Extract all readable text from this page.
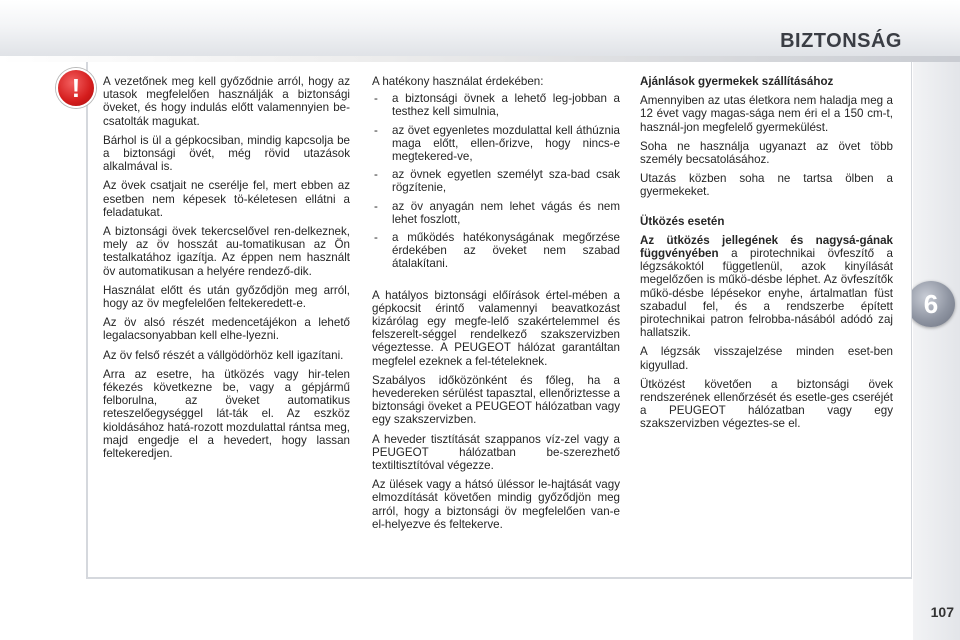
BIZTONSÁG
6
!	A vezetőnek meg kell győződnie arról, hogy az utasok megfelelően használják a biztonsági öveket, és hogy indulás előtt valamennyien be-csatolták magukat.

Bárhol is ül a gépkocsiban, mindig kapcsolja be a biztonsági övét, még rövid utazások alkalmával is.

Az övek csatjait ne cserélje fel, mert ebben az esetben nem képesek tö-kéletesen ellátni a feladatukat.

A biztonsági övek tekercselővel ren-delkeznek, mely az öv hosszát au-tomatikusan az Ön testalkatához igazítja. Az éppen nem használt öv automatikusan a helyére rendező-dik.

Használat előtt és után győződjön meg arról, hogy az öv megfelelően feltekeredett-e.

Az öv alsó részét medencetájékon a lehető legalacsonyabban kell elhe-lyezni.

Az öv felső részét a vállgödörhöz kell igazítani.

Arra az esetre, ha ütközés vagy hir-telen fékezés következne be, vagy a gépjármű felborulna, az öveket automatikus reteszelőegységgel lát-ták el. Az eszköz kioldásához hatá-rozott mozdulattal rántsa meg, majd engedje el a hevedert, hogy lassan feltekeredjen.

A hatékony használat érdekében:

- a biztonsági övnek a lehető leg-jobban a testhez kell simulnia,
- az övet egyenletes mozdulattal kell áthúznia maga előtt, ellen-őrizve, hogy nincs-e megtekered-ve,
- az övnek egyetlen személyt sza-bad csak rögzítenie,
- az öv anyagán nem lehet vágás és nem lehet foszlott,
- a működés hatékonyságának megőrzése érdekében az öveket nem szabad átalakítani.

A hatályos biztonsági előírások értel-mében a gépkocsit érintő valamennyi beavatkozást kizárólag egy megfe-lelő szakértelemmel és felszerelt-séggel rendelkező szakszervizben végeztesse. A PEUGEOT hálózat garantáltan megfelel ezeknek a fel-tételeknek.

Szabályos időközönként és főleg, ha a hevedereken sérülést tapasztal, ellenőriztesse a biztonsági öveket a PEUGEOT hálózatban vagy egy szakszervizben.

A heveder tisztítását szappanos víz-zel vagy a PEUGEOT hálózatban be-szerezhető textiltisztítóval végezze.

Az ülések vagy a hátsó üléssor le-hajtását vagy elmozdítását követően mindig győződjön meg arról, hogy a biztonsági öv megfelelően van-e el-helyezve és feltekerve.

Ajánlások gyermekek szállításához

Amennyiben az utas életkora nem haladja meg a 12 évet vagy magas-sága nem éri el a 150 cm-t, használ-jon megfelelő gyermekülést.

Soha ne használja ugyanazt az övet több személy becsatolásához.

Utazás közben soha ne tartsa ölben a gyermekeket.

Ütközés esetén

Az ütközés jellegének és nagysá-gának függvényében a pirotechnikai övfeszítő a légzsákoktól függetlenül, azok kinyílását megelőzően is műkö-désbe léphet. Az övfeszítők műkö-désbe lépésekor enyhe, ártalmatlan füst szabadul fel, és a rendszerbe épített pirotechnikai patron felrobba-násából adódó zaj hallatszik.

A légzsák visszajelzése minden eset-ben kigyullad.

Ütközést követően a biztonsági övek rendszerének ellenőrzését és esetle-ges cseréjét a PEUGEOT hálózatban vagy egy szakszervizben végeztes-se el.

107
